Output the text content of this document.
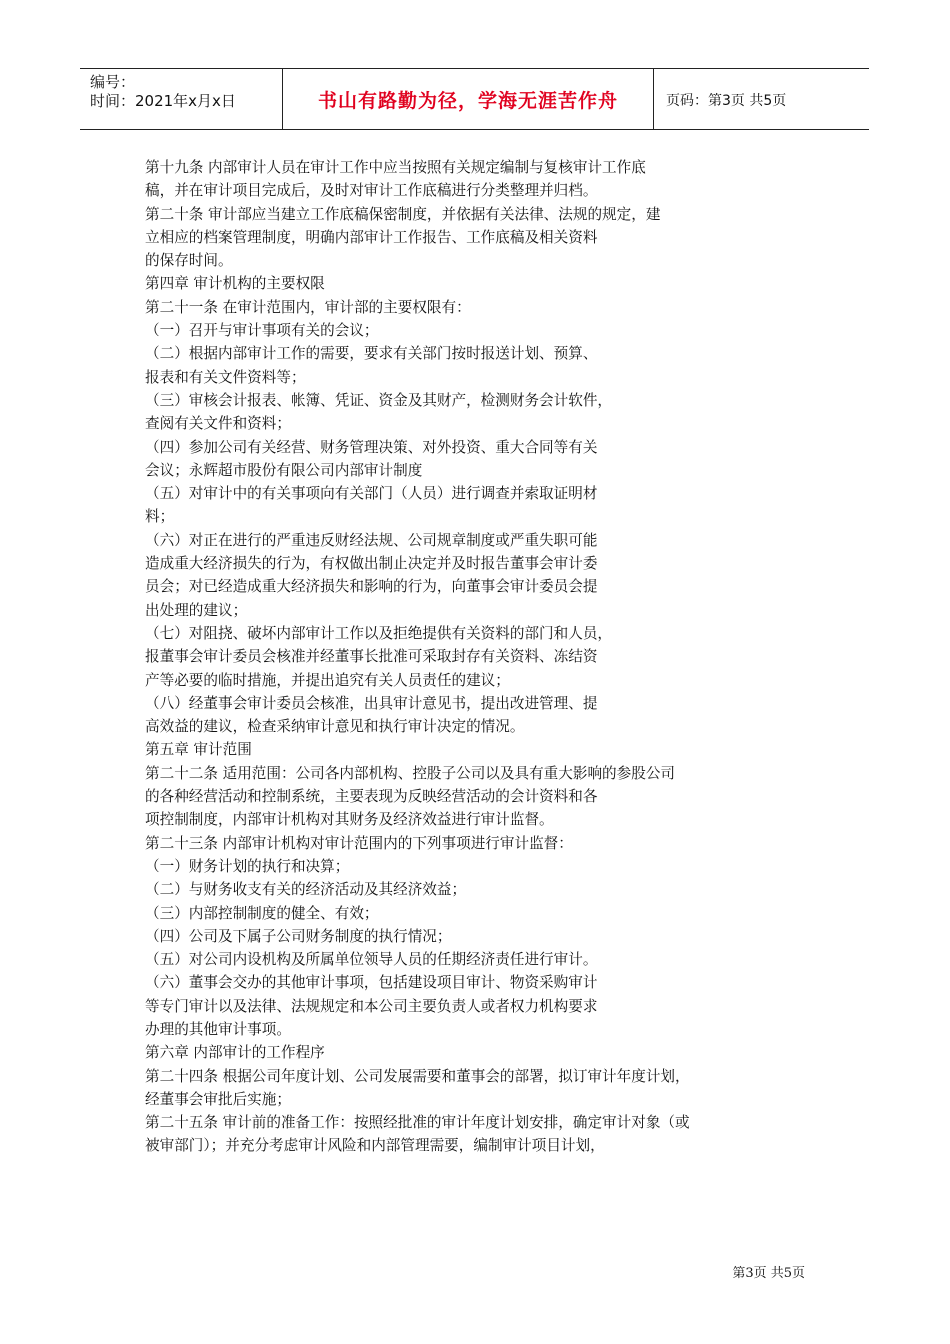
编号：
时间：2021年x月x日	书山有路勤为径，学海无涯苦作舟	页码：第3页 共5页
第十九条 内部审计人员在审计工作中应当按照有关规定编制与复核审计工作底
稿，并在审计项目完成后，及时对审计工作底稿进行分类整理并归档。
第二十条 审计部应当建立工作底稿保密制度，并依据有关法律、法规的规定，建
立相应的档案管理制度，明确内部审计工作报告、工作底稿及相关资料
的保存时间。
第四章 审计机构的主要权限
第二十一条 在审计范围内，审计部的主要权限有：
（一）召开与审计事项有关的会议；
（二）根据内部审计工作的需要，要求有关部门按时报送计划、预算、
报表和有关文件资料等；
（三）审核会计报表、帐簿、凭证、资金及其财产，检测财务会计软件，
查阅有关文件和资料；
（四）参加公司有关经营、财务管理决策、对外投资、重大合同等有关
会议；永辉超市股份有限公司内部审计制度
（五）对审计中的有关事项向有关部门（人员）进行调查并索取证明材
料；
（六）对正在进行的严重违反财经法规、公司规章制度或严重失职可能
造成重大经济损失的行为，有权做出制止决定并及时报告董事会审计委
员会；对已经造成重大经济损失和影响的行为，向董事会审计委员会提
出处理的建议；
（七）对阻挠、破坏内部审计工作以及拒绝提供有关资料的部门和人员，
报董事会审计委员会核准并经董事长批准可采取封存有关资料、冻结资
产等必要的临时措施，并提出追究有关人员责任的建议；
（八）经董事会审计委员会核准，出具审计意见书，提出改进管理、提
高效益的建议，检查采纳审计意见和执行审计决定的情况。
第五章 审计范围
第二十二条 适用范围：公司各内部机构、控股子公司以及具有重大影响的参股公司
的各种经营活动和控制系统，主要表现为反映经营活动的会计资料和各
项控制制度，内部审计机构对其财务及经济效益进行审计监督。
第二十三条 内部审计机构对审计范围内的下列事项进行审计监督：
（一）财务计划的执行和决算；
（二）与财务收支有关的经济活动及其经济效益；
（三）内部控制制度的健全、有效；
（四）公司及下属子公司财务制度的执行情况；
（五）对公司内设机构及所属单位领导人员的任期经济责任进行审计。
（六）董事会交办的其他审计事项，包括建设项目审计、物资采购审计
等专门审计以及法律、法规规定和本公司主要负责人或者权力机构要求
办理的其他审计事项。
第六章 内部审计的工作程序
第二十四条 根据公司年度计划、公司发展需要和董事会的部署，拟订审计年度计划，
经董事会审批后实施；
第二十五条 审计前的准备工作：按照经批准的审计年度计划安排，确定审计对象（或
被审部门）；并充分考虑审计风险和内部管理需要，编制审计项目计划，
第3页 共5页
